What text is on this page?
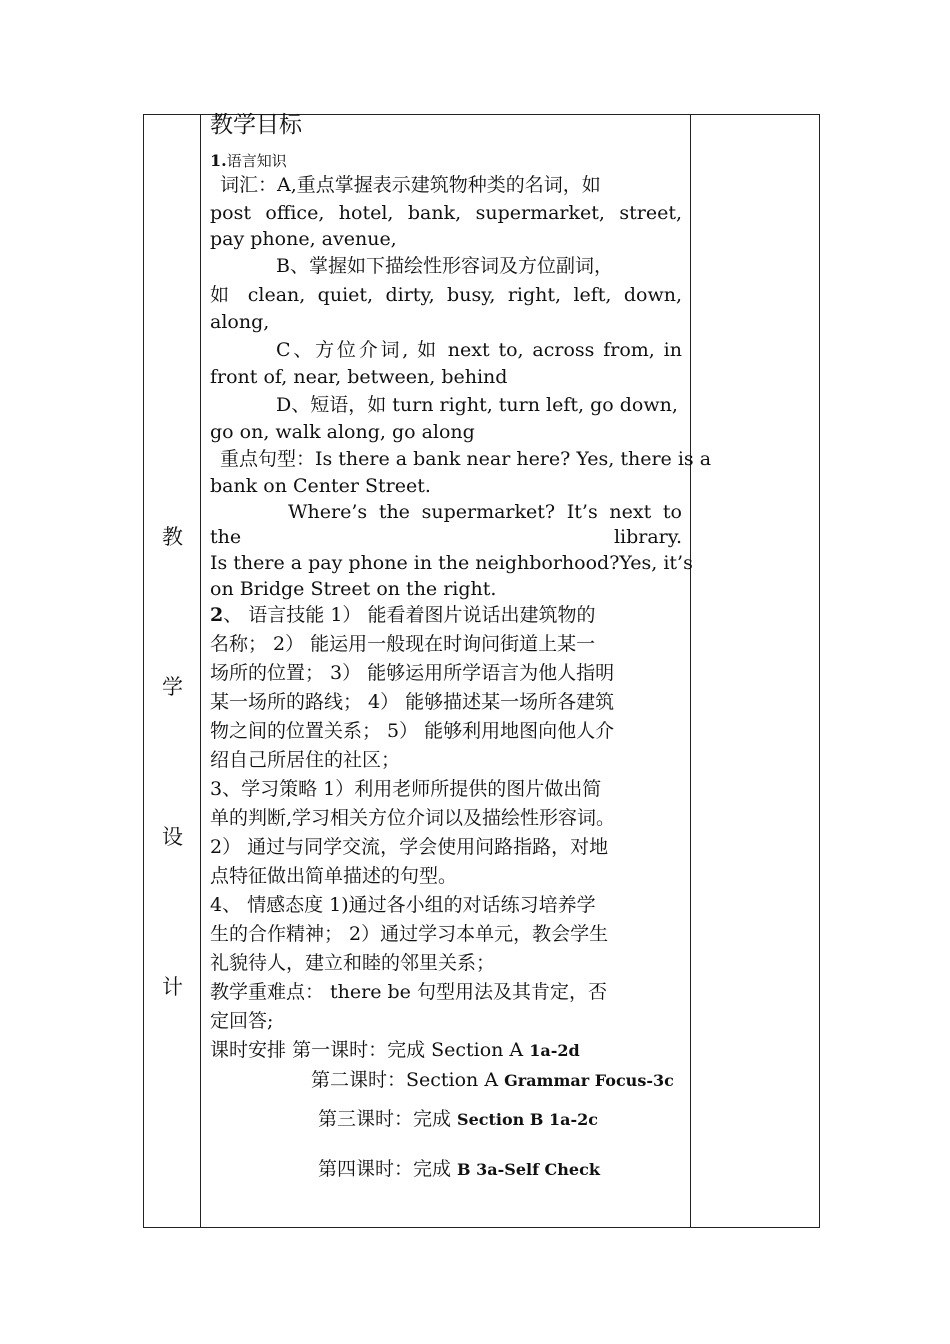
教
学
设
计
教学目标
1.语言知识
词汇：A,重点掌握表示建筑物种类的名词，如
post office, hotel, bank, supermarket, street,
pay phone, avenue,
B、掌握如下描绘性形容词及方位副词，
如 clean, quiet, dirty, busy, right, left, down,
along,
C、方位介词, 如 next to, across from, in
front of, near, between, behind
D、短语，如 turn right, turn left, go down,
go on, walk along, go along
重点句型：Is there a bank near here? Yes, there is a
bank on Center Street.
Where’s the supermarket? It’s next to
the	library.
Is there a pay phone in the neighborhood?Yes, it’s
on Bridge Street on the right.
2、 语言技能 1） 能看着图片说话出建筑物的
名称； 2） 能运用一般现在时询问街道上某一
场所的位置； 3） 能够运用所学语言为他人指明
某一场所的路线； 4） 能够描述某一场所各建筑
物之间的位置关系； 5） 能够利用地图向他人介
绍自己所居住的社区；
3、学习策略 1）利用老师所提供的图片做出简
单的判断,学习相关方位介词以及描绘性形容词。
2） 通过与同学交流，学会使用问路指路，对地
点特征做出简单描述的句型。
4、 情感态度 1)通过各小组的对话练习培养学
生的合作精神； 2）通过学习本单元，教会学生
礼貌待人，建立和睦的邻里关系；
教学重难点： there be 句型用法及其肯定，否
定回答;
课时安排 第一课时：完成 Section A 1a-2d
第二课时：Section A Grammar Focus-3c
第三课时：完成 Section B 1a-2c
第四课时：完成 B 3a-Self Check
